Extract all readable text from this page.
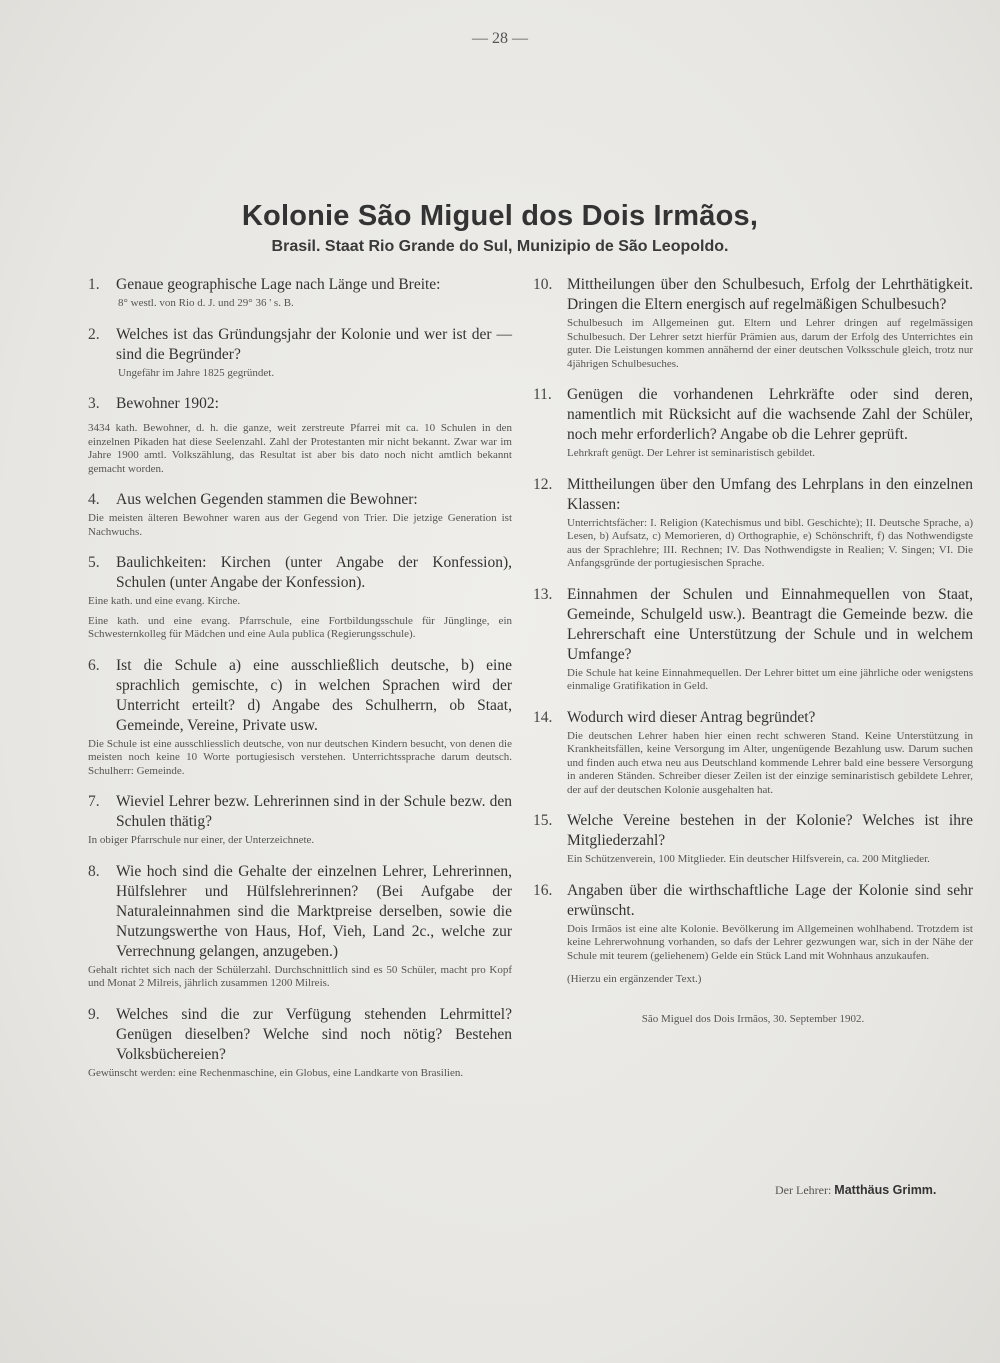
— 28 —
Kolonie São Miguel dos Dois Irmãos,
Brasil. Staat Rio Grande do Sul, Munizipio de São Leopoldo.
1.	Genaue geographische Lage nach Länge und Breite:

8° westl. von Rio d. J. und 29° 36 ' s. B.

2.	Welches ist das Gründungsjahr der Kolonie und wer ist der — sind die Begründer?

Ungefähr im Jahre 1825 gegründet.

3.	Bewohner 1902:

3434 kath. Bewohner, d. h. die ganze, weit zerstreute Pfarrei mit ca. 10 Schulen in den einzelnen Pikaden hat diese Seelenzahl. Zahl der Protestanten mir nicht bekannt. Zwar war im Jahre 1900 amtl. Volkszählung, das Resultat ist aber bis dato noch nicht amtlich bekannt gemacht worden.

4.	Aus welchen Gegenden stammen die Bewohner:

Die meisten älteren Bewohner waren aus der Gegend von Trier. Die jetzige Generation ist Nachwuchs.

5.	Baulichkeiten: Kirchen (unter Angabe der Konfession), Schulen (unter Angabe der Konfession).

Eine kath. und eine evang. Kirche.

Eine kath. und eine evang. Pfarrschule, eine Fortbildungsschule für Jünglinge, ein Schwesternkolleg für Mädchen und eine Aula publica (Regierungsschule).

6.	Ist die Schule a) eine ausschließlich deutsche, b) eine sprachlich gemischte, c) in welchen Sprachen wird der Unterricht erteilt? d) Angabe des Schulherrn, ob Staat, Gemeinde, Vereine, Private usw.

Die Schule ist eine ausschliesslich deutsche, von nur deutschen Kindern besucht, von denen die meisten noch keine 10 Worte portugiesisch verstehen. Unterrichtssprache darum deutsch. Schulherr: Gemeinde.

7.	Wieviel Lehrer bezw. Lehrerinnen sind in der Schule bezw. den Schulen thätig?

In obiger Pfarrschule nur einer, der Unterzeichnete.

8.	Wie hoch sind die Gehalte der einzelnen Lehrer, Lehrerinnen, Hülfslehrer und Hülfslehrerinnen? (Bei Aufgabe der Naturaleinnahmen sind die Marktpreise derselben, sowie die Nutzungswerthe von Haus, Hof, Vieh, Land 2c., welche zur Verrechnung gelangen, anzugeben.)

Gehalt richtet sich nach der Schülerzahl. Durchschnittlich sind es 50 Schüler, macht pro Kopf und Monat 2 Milreis, jährlich zusammen 1200 Milreis.

9.	Welches sind die zur Verfügung stehenden Lehrmittel? Genügen dieselben? Welche sind noch nötig? Bestehen Volksbüchereien?

Gewünscht werden: eine Rechenmaschine, ein Globus, eine Landkarte von Brasilien.

10. Mittheilungen über den Schulbesuch, Erfolg der Lehrthätigkeit. Dringen die Eltern energisch auf regelmäßigen Schulbesuch?

Schulbesuch im Allgemeinen gut. Eltern und Lehrer dringen auf regelmässigen Schulbesuch. Der Lehrer setzt hierfür Prämien aus, darum der Erfolg des Unterrichtes ein guter. Die Leistungen kommen annähernd der einer deutschen Volksschule gleich, trotz nur 4jährigen Schulbesuches.

11. Genügen die vorhandenen Lehrkräfte oder sind deren, namentlich mit Rücksicht auf die wachsende Zahl der Schüler, noch mehr erforderlich? Angabe ob die Lehrer geprüft.

Lehrkraft genügt. Der Lehrer ist seminaristisch gebildet.

12. Mittheilungen über den Umfang des Lehrplans in den einzelnen Klassen:

Unterrichtsfächer: I. Religion (Katechismus und bibl. Geschichte); II. Deutsche Sprache, a) Lesen, b) Aufsatz, c) Memorieren, d) Orthographie, e) Schönschrift, f) das Nothwendigste aus der Sprachlehre; III. Rechnen; IV. Das Nothwendigste in Realien; V. Singen; VI. Die Anfangsgründe der portugiesischen Sprache.

13. Einnahmen der Schulen und Einnahmequellen von Staat, Gemeinde, Schulgeld usw.). Beantragt die Gemeinde bezw. die Lehrerschaft eine Unterstützung der Schule und in welchem Umfange?

Die Schule hat keine Einnahmequellen. Der Lehrer bittet um eine jährliche oder wenigstens einmalige Gratifikation in Geld.

14. Wodurch wird dieser Antrag begründet?

Die deutschen Lehrer haben hier einen recht schweren Stand. Keine Unterstützung in Krankheitsfällen, keine Versorgung im Alter, ungenügende Bezahlung usw. Darum suchen und finden auch etwa neu aus Deutschland kommende Lehrer bald eine bessere Versorgung in anderen Ständen. Schreiber dieser Zeilen ist der einzige seminaristisch gebildete Lehrer, der auf der deutschen Kolonie ausgehalten hat.

15. Welche Vereine bestehen in der Kolonie? Welches ist ihre Mitgliederzahl?

Ein Schützenverein, 100 Mitglieder. Ein deutscher Hilfsverein, ca. 200 Mitglieder.

16. Angaben über die wirthschaftliche Lage der Kolonie sind sehr erwünscht.

Dois Irmãos ist eine alte Kolonie. Bevölkerung im Allgemeinen wohlhabend. Trotzdem ist keine Lehrerwohnung vorhanden, so dafs der Lehrer gezwungen war, sich in der Nähe der Schule mit teurem (geliehenem) Gelde ein Stück Land mit Wohnhaus anzukaufen.

(Hierzu ein ergänzender Text.)

São Miguel dos Dois Irmãos, 30. September 1902.
Der Lehrer: Matthäus Grimm.
